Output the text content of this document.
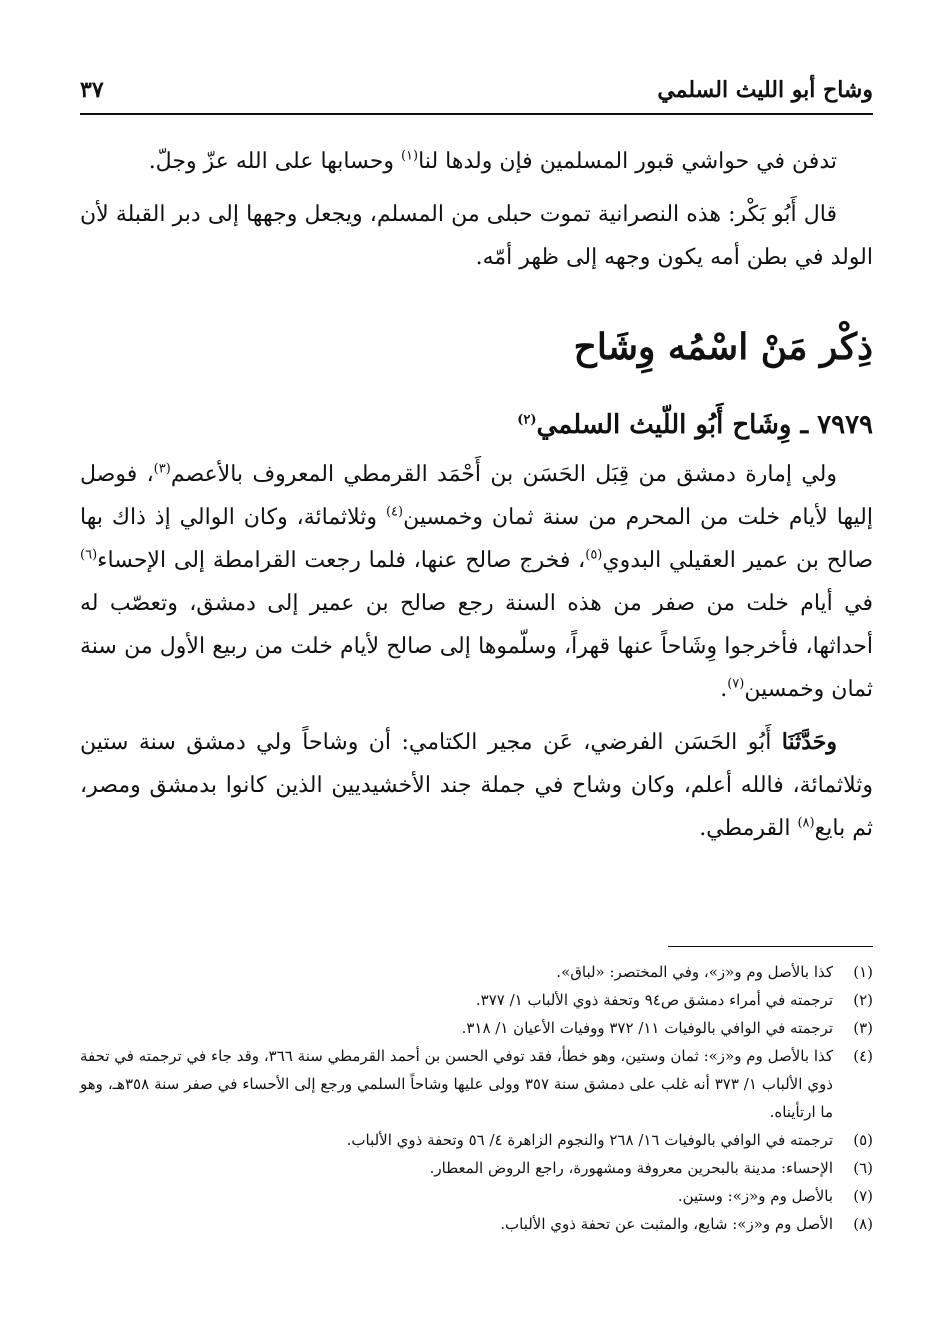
وشاح أبو الليث السلمي
٣٧

تدفن في حواشي قبور المسلمين فإن ولدها لنا$^{(١)}$ وحسابها على الله عزّ وجلّ.

قال أَبُو بَكْر: هذه النصرانية تموت حبلى من المسلم، ويجعل وجهها إلى دبر القبلة لأن الولد في بطن أمه يكون وجهه إلى ظهر أمّه.

ذِكْر مَنْ اسْمُه وِشَاح
٧٩٧٩ ـ وِشَاح أَبُو اللّيث السلمي$^{(٢)}$

ولي إمارة دمشق من قِبَل الحَسَن بن أَحْمَد القرمطي المعروف بالأعصم$^{(٣)}$، فوصل إليها لأيام خلت من المحرم من سنة ثمان وخمسين$^{(٤)}$ وثلاثمائة، وكان الوالي إذ ذاك بها صالح بن عمير العقيلي البدوي$^{(٥)}$، فخرج صالح عنها، فلما رجعت القرامطة إلى الإحساء$^{(٦)}$ في أيام خلت من صفر من هذه السنة رجع صالح بن عمير إلى دمشق، وتعصّب له أحداثها، فأخرجوا وِشَاحاً عنها قهراً، وسلّموها إلى صالح لأيام خلت من ربيع الأول من سنة ثمان وخمسين$^{(٧)}$.

وحَدَّثَنَا أَبُو الحَسَن الفرضي، عَن مجير الكتامي: أن وشاحاً ولي دمشق سنة ستين وثلاثمائة، فالله أعلم، وكان وشاح في جملة جند الأخشيديين الذين كانوا بدمشق ومصر، ثم بايع$^{(٨)}$ القرمطي.

(١)
كذا بالأصل وم و«ز»، وفي المختصر: «لباق».
(٢)
ترجمته في أمراء دمشق ص٩٤ وتحفة ذوي الألباب ١/ ٣٧٧.
(٣)
ترجمته في الوافي بالوفيات ١١/ ٣٧٢ ووفيات الأعيان ١/ ٣١٨.
(٤)
كذا بالأصل وم و«ز»: ثمان وستين، وهو خطأ، فقد توفي الحسن بن أحمد القرمطي سنة ٣٦٦، وقد جاء في ترجمته في تحفة ذوي الألباب ١/ ٣٧٣ أنه غلب على دمشق سنة ٣٥٧ وولى عليها وشاحاً السلمي ورجع إلى الأحساء في صفر سنة ٣٥٨هـ، وهو ما ارتأيناه.
(٥)
ترجمته في الوافي بالوفيات ١٦/ ٢٦٨ والنجوم الزاهرة ٤/ ٥٦ وتحفة ذوي الألباب.
(٦)
الإحساء: مدينة بالبحرين معروفة ومشهورة، راجع الروض المعطار.
(٧)
بالأصل وم و«ز»: وستين.
(٨)
الأصل وم و«ز»: شايع، والمثبت عن تحفة ذوي الألباب.
